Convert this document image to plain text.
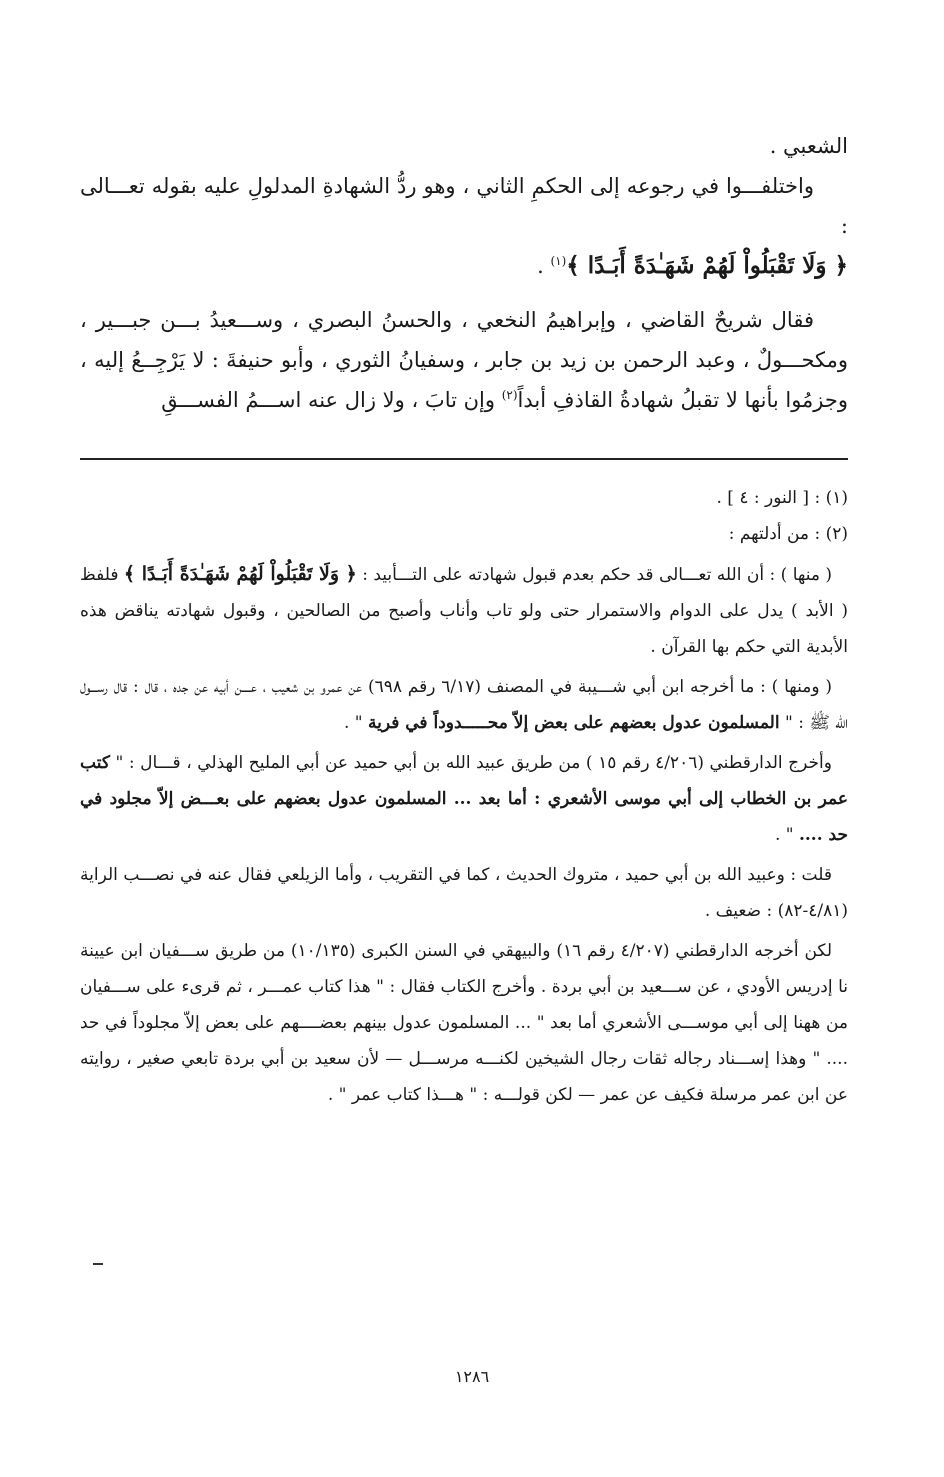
الشعبي .

واختلفـــوا في رجوعه إلى الحكمِ الثاني ، وهو ردُّ الشهادةِ المدلولِ عليه بقوله تعـــالى :
﴿ وَلَا تَقْبَلُواْ لَهُمْ شَهَـٰدَةً أَبَـدًا ﴾$^{(١)}$ .

فقال شريحٌ القاضي ، وإبراهيمُ النخعي ، والحسنُ البصري ، وســـعيدُ بـــن جبـــير ، ومكحـــولٌ ، وعبد الرحمن بن زيد بن جابر ، وسفيانُ الثوري ، وأبو حنيفةَ : لا يَرْجِــعُ إليه ، وجزمُوا بأنها لا تقبلُ شهادةُ القاذفِ أبداً$^{(٢)}$ وإن تابَ ، ولا زال عنه اســـمُ الفســـقِ

(١) : [ النور : ٤ ] .

(٢) : من أدلتهم :

( منها ) : أن الله تعـــالى قد حكم بعدم قبول شهادته على التـــأبيد : ﴿ وَلَا تَقْبَلُواْ لَهُمْ شَهَـٰدَةً أَبَـدًا ﴾ فلفظ ( الأبد ) يدل على الدوام والاستمرار حتى ولو تاب وأناب وأصبح من الصالحين ، وقبول شهادته يناقض هذه الأبدية التي حكم بها القرآن .

( ومنها ) : ما أخرجه ابن أبي شـــيبة في المصنف (٦/١٧ رقم ٦٩٨) عن عمرو بن شعيب ، عــــن أبيه عن جده ، قال : قال رســـول الله ﷺ : " المسلمون عدول بعضهم على بعض إلاّ محـــــدوداً في فرية " .

وأخرج الدارقطني (٤/٢٠٦ رقم ١٥ ) من طريق عبيد الله بن أبي حميد عن أبي المليح الهذلي ، قـــال : " كتب عمر بن الخطاب إلى أبي موسى الأشعري : أما بعد ... المسلمون عدول بعضهم على بعـــض إلاّ مجلود في حد .... " .

قلت : وعبيد الله بن أبي حميد ، متروك الحديث ، كما في التقريب ، وأما الزيلعي فقال عنه في نصـــب الراية (٤/٨١-٨٢) : ضعيف .

لكن أخرجه الدارقطني (٤/٢٠٧ رقم ١٦) والبيهقي في السنن الكبرى (١٠/١٣٥) من طريق ســـفيان ابن عيينة نا إدريس الأودي ، عن ســـعيد بن أبي بردة . وأخرج الكتاب فقال : " هذا كتاب عمـــر ، ثم قرىء على ســـفيان من ههنا إلى أبي موســـى الأشعري أما بعد " ... المسلمون عدول بينهم بعضــــهم على بعض إلاّ مجلوداً في حد .... " وهذا إســـناد رجاله ثقات رجال الشيخين لكنـــه مرســـل — لأن سعيد بن أبي بردة تابعي صغير ، روايته عن ابن عمر مرسلة فكيف عن عمر — لكن قولـــه : " هـــذا كتاب عمر " .

١٢٨٦
